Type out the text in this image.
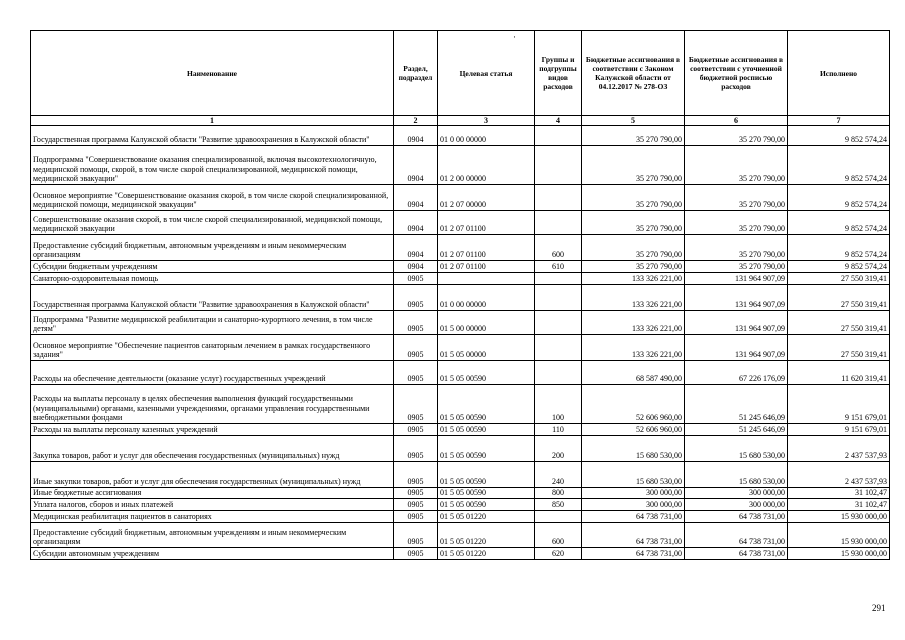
·
Наименование	Раздел, подраздел	Целевая статья	Группы и подгруппы видов расходов	Бюджетные ассигнования в соответствии с Законом Калужской области от 04.12.2017 № 278-ОЗ	Бюджетные ассигнования в соответствии с уточненной бюджетной росписью расходов	Исполнено
1	2	3	4	5	6	7
Государственная программа Калужской области "Развитие здравоохранения в Калужской области"	0904	01 0 00 00000		35 270 790,00	35 270 790,00	9 852 574,24
Подпрограмма "Совершенствование оказания специализированной, включая высокотехнологичную, медицинской помощи, скорой, в том числе скорой специализированной, медицинской помощи, медицинской эвакуации"	0904	01 2 00 00000		35 270 790,00	35 270 790,00	9 852 574,24
Основное мероприятие "Совершенствование оказания скорой, в том числе скорой специализированной, медицинской помощи, медицинской эвакуации"	0904	01 2 07 00000		35 270 790,00	35 270 790,00	9 852 574,24
Совершенствование оказания скорой, в том числе скорой специализированной, медицинской помощи, медицинской эвакуации	0904	01 2 07 01100		35 270 790,00	35 270 790,00	9 852 574,24
Предоставление субсидий бюджетным, автономным учреждениям и иным некоммерческим организациям	0904	01 2 07 01100	600	35 270 790,00	35 270 790,00	9 852 574,24
Субсидии бюджетным учреждениям	0904	01 2 07 01100	610	35 270 790,00	35 270 790,00	9 852 574,24
Санаторно-оздоровительная помощь	0905			133 326 221,00	131 964 907,09	27 550 319,41
Государственная программа Калужской области "Развитие здравоохранения в Калужской области"	0905	01 0 00 00000		133 326 221,00	131 964 907,09	27 550 319,41
Подпрограмма "Развитие медицинской реабилитации и санаторно-курортного лечения, в том числе детям"	0905	01 5 00 00000		133 326 221,00	131 964 907,09	27 550 319,41
Основное мероприятие "Обеспечение пациентов санаторным лечением в рамках государственного задания"	0905	01 5 05 00000		133 326 221,00	131 964 907,09	27 550 319,41
Расходы на обеспечение деятельности (оказание услуг) государственных учреждений	0905	01 5 05 00590		68 587 490,00	67 226 176,09	11 620 319,41
Расходы на выплаты персоналу в целях обеспечения выполнения функций государственными (муниципальными) органами, казенными учреждениями, органами управления государственными внебюджетными фондами	0905	01 5 05 00590	100	52 606 960,00	51 245 646,09	9 151 679,01
Расходы на выплаты персоналу казенных учреждений	0905	01 5 05 00590	110	52 606 960,00	51 245 646,09	9 151 679,01
Закупка товаров, работ и услуг для обеспечения государственных (муниципальных) нужд	0905	01 5 05 00590	200	15 680 530,00	15 680 530,00	2 437 537,93
Иные закупки товаров, работ и услуг для обеспечения государственных (муниципальных) нужд	0905	01 5 05 00590	240	15 680 530,00	15 680 530,00	2 437 537,93
Иные бюджетные ассигнования	0905	01 5 05 00590	800	300 000,00	300 000,00	31 102,47
Уплата налогов, сборов и иных платежей	0905	01 5 05 00590	850	300 000,00	300 000,00	31 102,47
Медицинская реабилитация пациентов в санаториях	0905	01 5 05 01220		64 738 731,00	64 738 731,00	15 930 000,00
Предоставление субсидий бюджетным, автономным учреждениям и иным некоммерческим организациям	0905	01 5 05 01220	600	64 738 731,00	64 738 731,00	15 930 000,00
Субсидии автономным учреждениям	0905	01 5 05 01220	620	64 738 731,00	64 738 731,00	15 930 000,00
291
